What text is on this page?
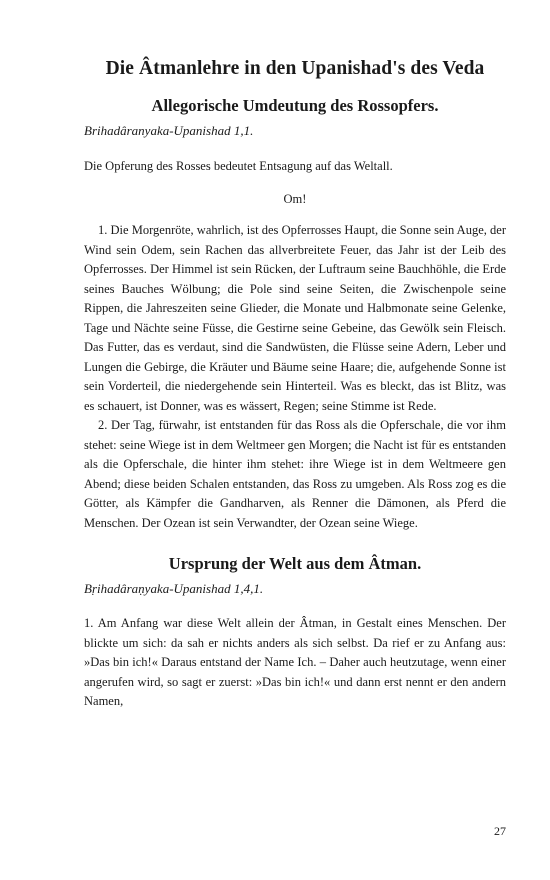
Die Âtmanlehre in den Upanishad's des Veda
Allegorische Umdeutung des Rossopfers.
Brihadâranyaka-Upanishad 1,1.

Die Opferung des Rosses bedeutet Entsagung auf das Weltall.

Om!

1. Die Morgenröte, wahrlich, ist des Opferrosses Haupt, die Sonne sein Auge, der Wind sein Odem, sein Rachen das allverbreitete Feuer, das Jahr ist der Leib des Opferrosses. Der Himmel ist sein Rücken, der Luftraum seine Bauchhöhle, die Erde seines Bauches Wölbung; die Pole sind seine Seiten, die Zwischenpole seine Rippen, die Jahreszeiten seine Glieder, die Monate und Halbmonate seine Gelenke, Tage und Nächte seine Füsse, die Gestirne seine Gebeine, das Gewölk sein Fleisch. Das Futter, das es verdaut, sind die Sandwüsten, die Flüsse seine Adern, Leber und Lungen die Gebirge, die Kräuter und Bäume seine Haare; die, aufgehende Sonne ist sein Vorderteil, die niedergehende sein Hinterteil. Was es bleckt, das ist Blitz, was es schauert, ist Donner, was es wässert, Regen; seine Stimme ist Rede.

2. Der Tag, fürwahr, ist entstanden für das Ross als die Opferschale, die vor ihm stehet: seine Wiege ist in dem Weltmeer gen Morgen; die Nacht ist für es entstanden als die Opferschale, die hinter ihm stehet: ihre Wiege ist in dem Weltmeere gen Abend; diese beiden Schalen entstanden, das Ross zu umgeben. Als Ross zog es die Götter, als Kämpfer die Gandharven, als Renner die Dämonen, als Pferd die Menschen. Der Ozean ist sein Verwandter, der Ozean seine Wiege.

Ursprung der Welt aus dem Âtman.
Bṛihadâraṇyaka-Upanishad 1,4,1.

1. Am Anfang war diese Welt allein der Âtman, in Gestalt eines Menschen. Der blickte um sich: da sah er nichts anders als sich selbst. Da rief er zu Anfang aus: »Das bin ich!« Daraus entstand der Name Ich. – Daher auch heutzutage, wenn einer angerufen wird, so sagt er zuerst: »Das bin ich!« und dann erst nennt er den andern Namen,

27
